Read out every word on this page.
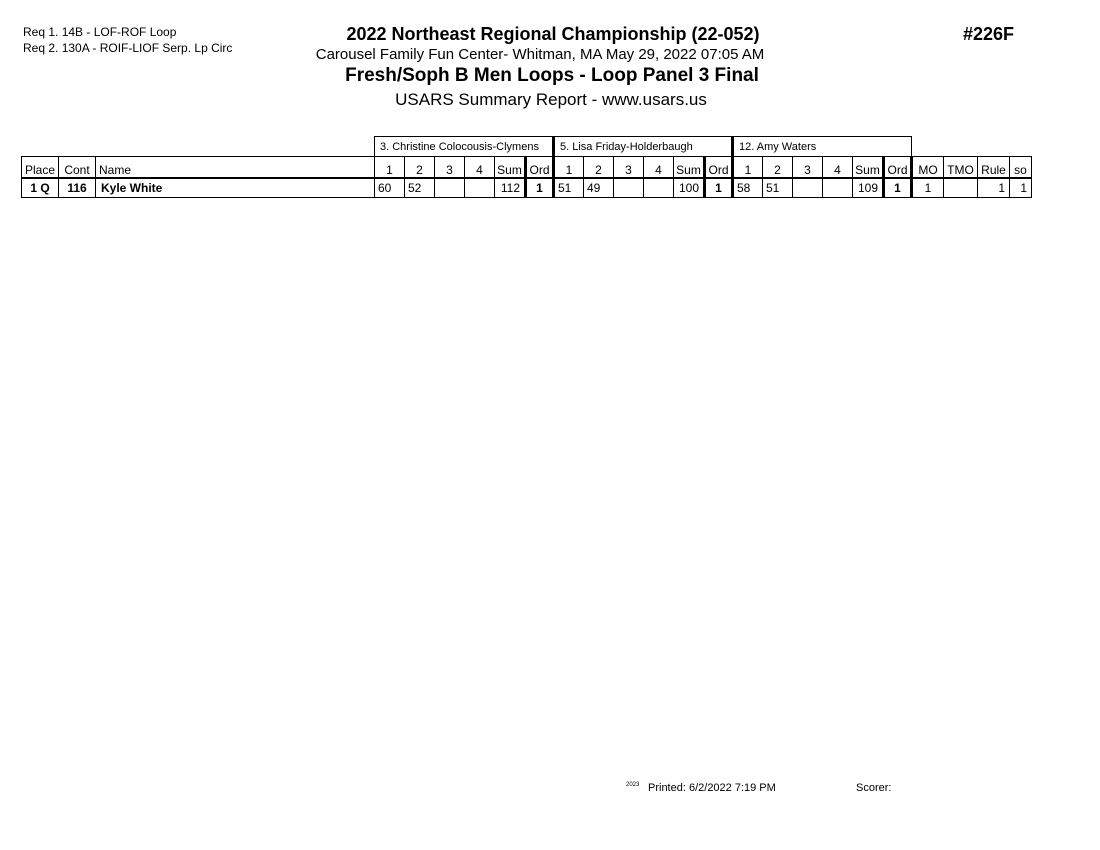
Req 1. 14B - LOF-ROF Loop
Req 2. 130A - ROIF-LIOF Serp. Lp Circ
2022 Northeast Regional Championship (22-052)
Carousel Family Fun Center- Whitman, MA May 29, 2022 07:05 AM
Fresh/Soph B Men Loops - Loop Panel 3 Final
USARS Summary Report - www.usars.us
#226F
			3. Christine Colocousis-Clymens						5. Lisa Friday-Holderbaugh						12. Amy Waters									
Place	Cont	Name	1	2	3	4	Sum	Ord	1	2	3	4	Sum	Ord	1	2	3	4	Sum	Ord	MO	TMO	Rule	so
1 Q	116	Kyle White	60	52			112	1	51	49			100	1	58	51			109	1	1		1	1
2023 Printed: 6/2/2022 7:19 PM	Scorer:
